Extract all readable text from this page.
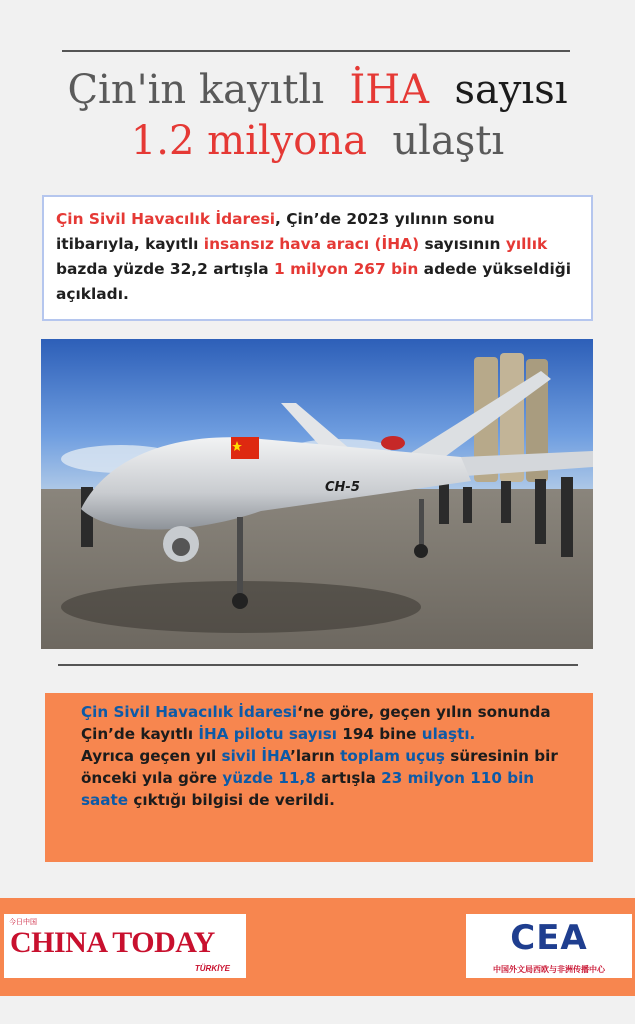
Çin'in kayıtlı İHA sayısı
1.2 milyona ulaştı
Çin Sivil Havacılık İdaresi, Çin’de 2023 yılının sonu itibarıyla, kayıtlı insansız hava aracı (İHA) sayısının yıllık bazda yüzde 32,2 artışla 1 milyon 267 bin adede yükseldiği açıkladı.
CH-5
Çin Sivil Havacılık İdaresi‘ne göre, geçen yılın sonunda Çin’de kayıtlı İHA pilotu sayısı 194 bine ulaştı.
Ayrıca geçen yıl sivil İHA’ların toplam uçuş süresinin bir önceki yıla göre yüzde 11,8 artışla 23 milyon 110 bin saate çıktığı bilgisi de verildi.
今日中国
CHINA TODAY
TÜRKİYE
CEA
中国外文局西欧与非洲传播中心
